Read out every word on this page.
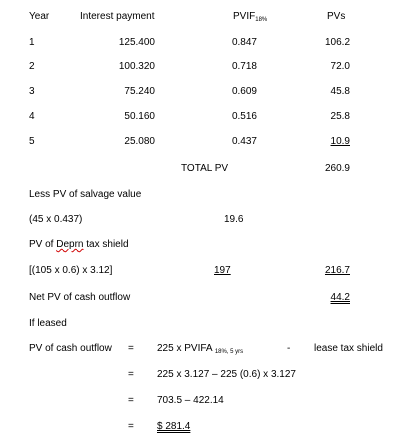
Year	Interest payment	$PVIF_{18\%}$	PVs
1	125.400	0.847	106.2
2	100.320	0.718	72.0
3	75.240	0.609	45.8
4	50.160	0.516	25.8
5	25.080	0.437	10.9
TOTAL PV	260.9
Less PV of salvage value
(45 x 0.437)	19.6
PV of Deprn tax shield
[(105 x 0.6) x 3.12]	197	216.7
Net PV of cash outflow	44.2
If leased
PV of cash outflow = 225 x PVIFA $_{18\%, 5 yrs}$	- lease tax shield
= 225 x 3.127 – 225 (0.6) x 3.127
= 703.5 – 422.14
= $ 281.4
